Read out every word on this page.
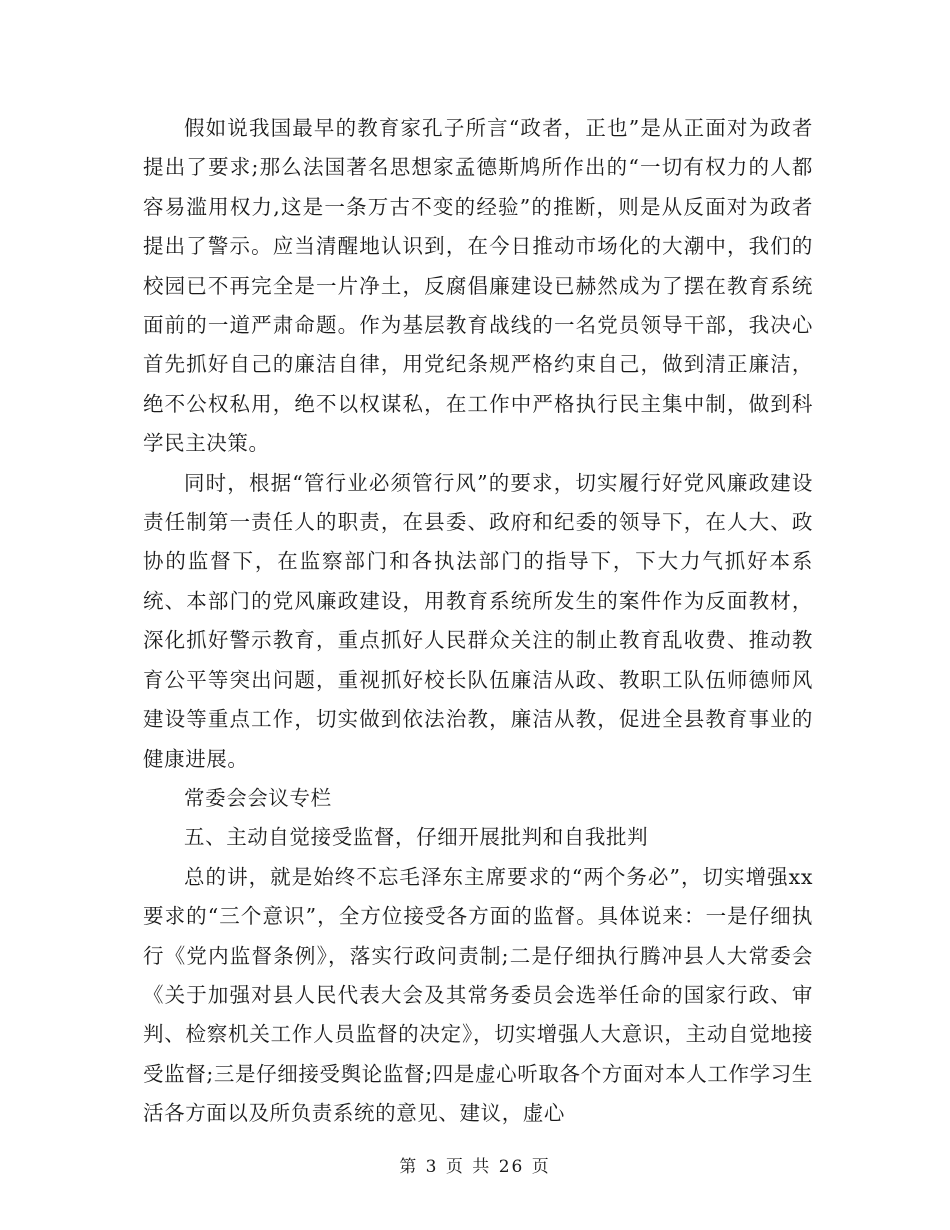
假如说我国最早的教育家孔子所言“政者，正也”是从正面对为政者提出了要求;那么法国著名思想家孟德斯鸠所作出的“一切有权力的人都容易滥用权力,这是一条万古不变的经验”的推断，则是从反面对为政者提出了警示。应当清醒地认识到，在今日推动市场化的大潮中，我们的校园已不再完全是一片净土，反腐倡廉建设已赫然成为了摆在教育系统面前的一道严肃命题。作为基层教育战线的一名党员领导干部，我决心首先抓好自己的廉洁自律，用党纪条规严格约束自己，做到清正廉洁，绝不公权私用，绝不以权谋私，在工作中严格执行民主集中制，做到科学民主决策。

同时，根据“管行业必须管行风”的要求，切实履行好党风廉政建设责任制第一责任人的职责，在县委、政府和纪委的领导下，在人大、政协的监督下，在监察部门和各执法部门的指导下，下大力气抓好本系统、本部门的党风廉政建设，用教育系统所发生的案件作为反面教材，深化抓好警示教育，重点抓好人民群众关注的制止教育乱收费、推动教育公平等突出问题，重视抓好校长队伍廉洁从政、教职工队伍师德师风建设等重点工作，切实做到依法治教，廉洁从教，促进全县教育事业的健康进展。

常委会会议专栏

五、主动自觉接受监督，仔细开展批判和自我批判

总的讲，就是始终不忘毛泽东主席要求的“两个务必”，切实增强xx要求的“三个意识”，全方位接受各方面的监督。具体说来：一是仔细执行《党内监督条例》，落实行政问责制;二是仔细执行腾冲县人大常委会《关于加强对县人民代表大会及其常务委员会选举任命的国家行政、审判、检察机关工作人员监督的决定》，切实增强人大意识，主动自觉地接受监督;三是仔细接受舆论监督;四是虚心听取各个方面对本人工作学习生活各方面以及所负责系统的意见、建议，虚心

第 3 页 共 26 页
